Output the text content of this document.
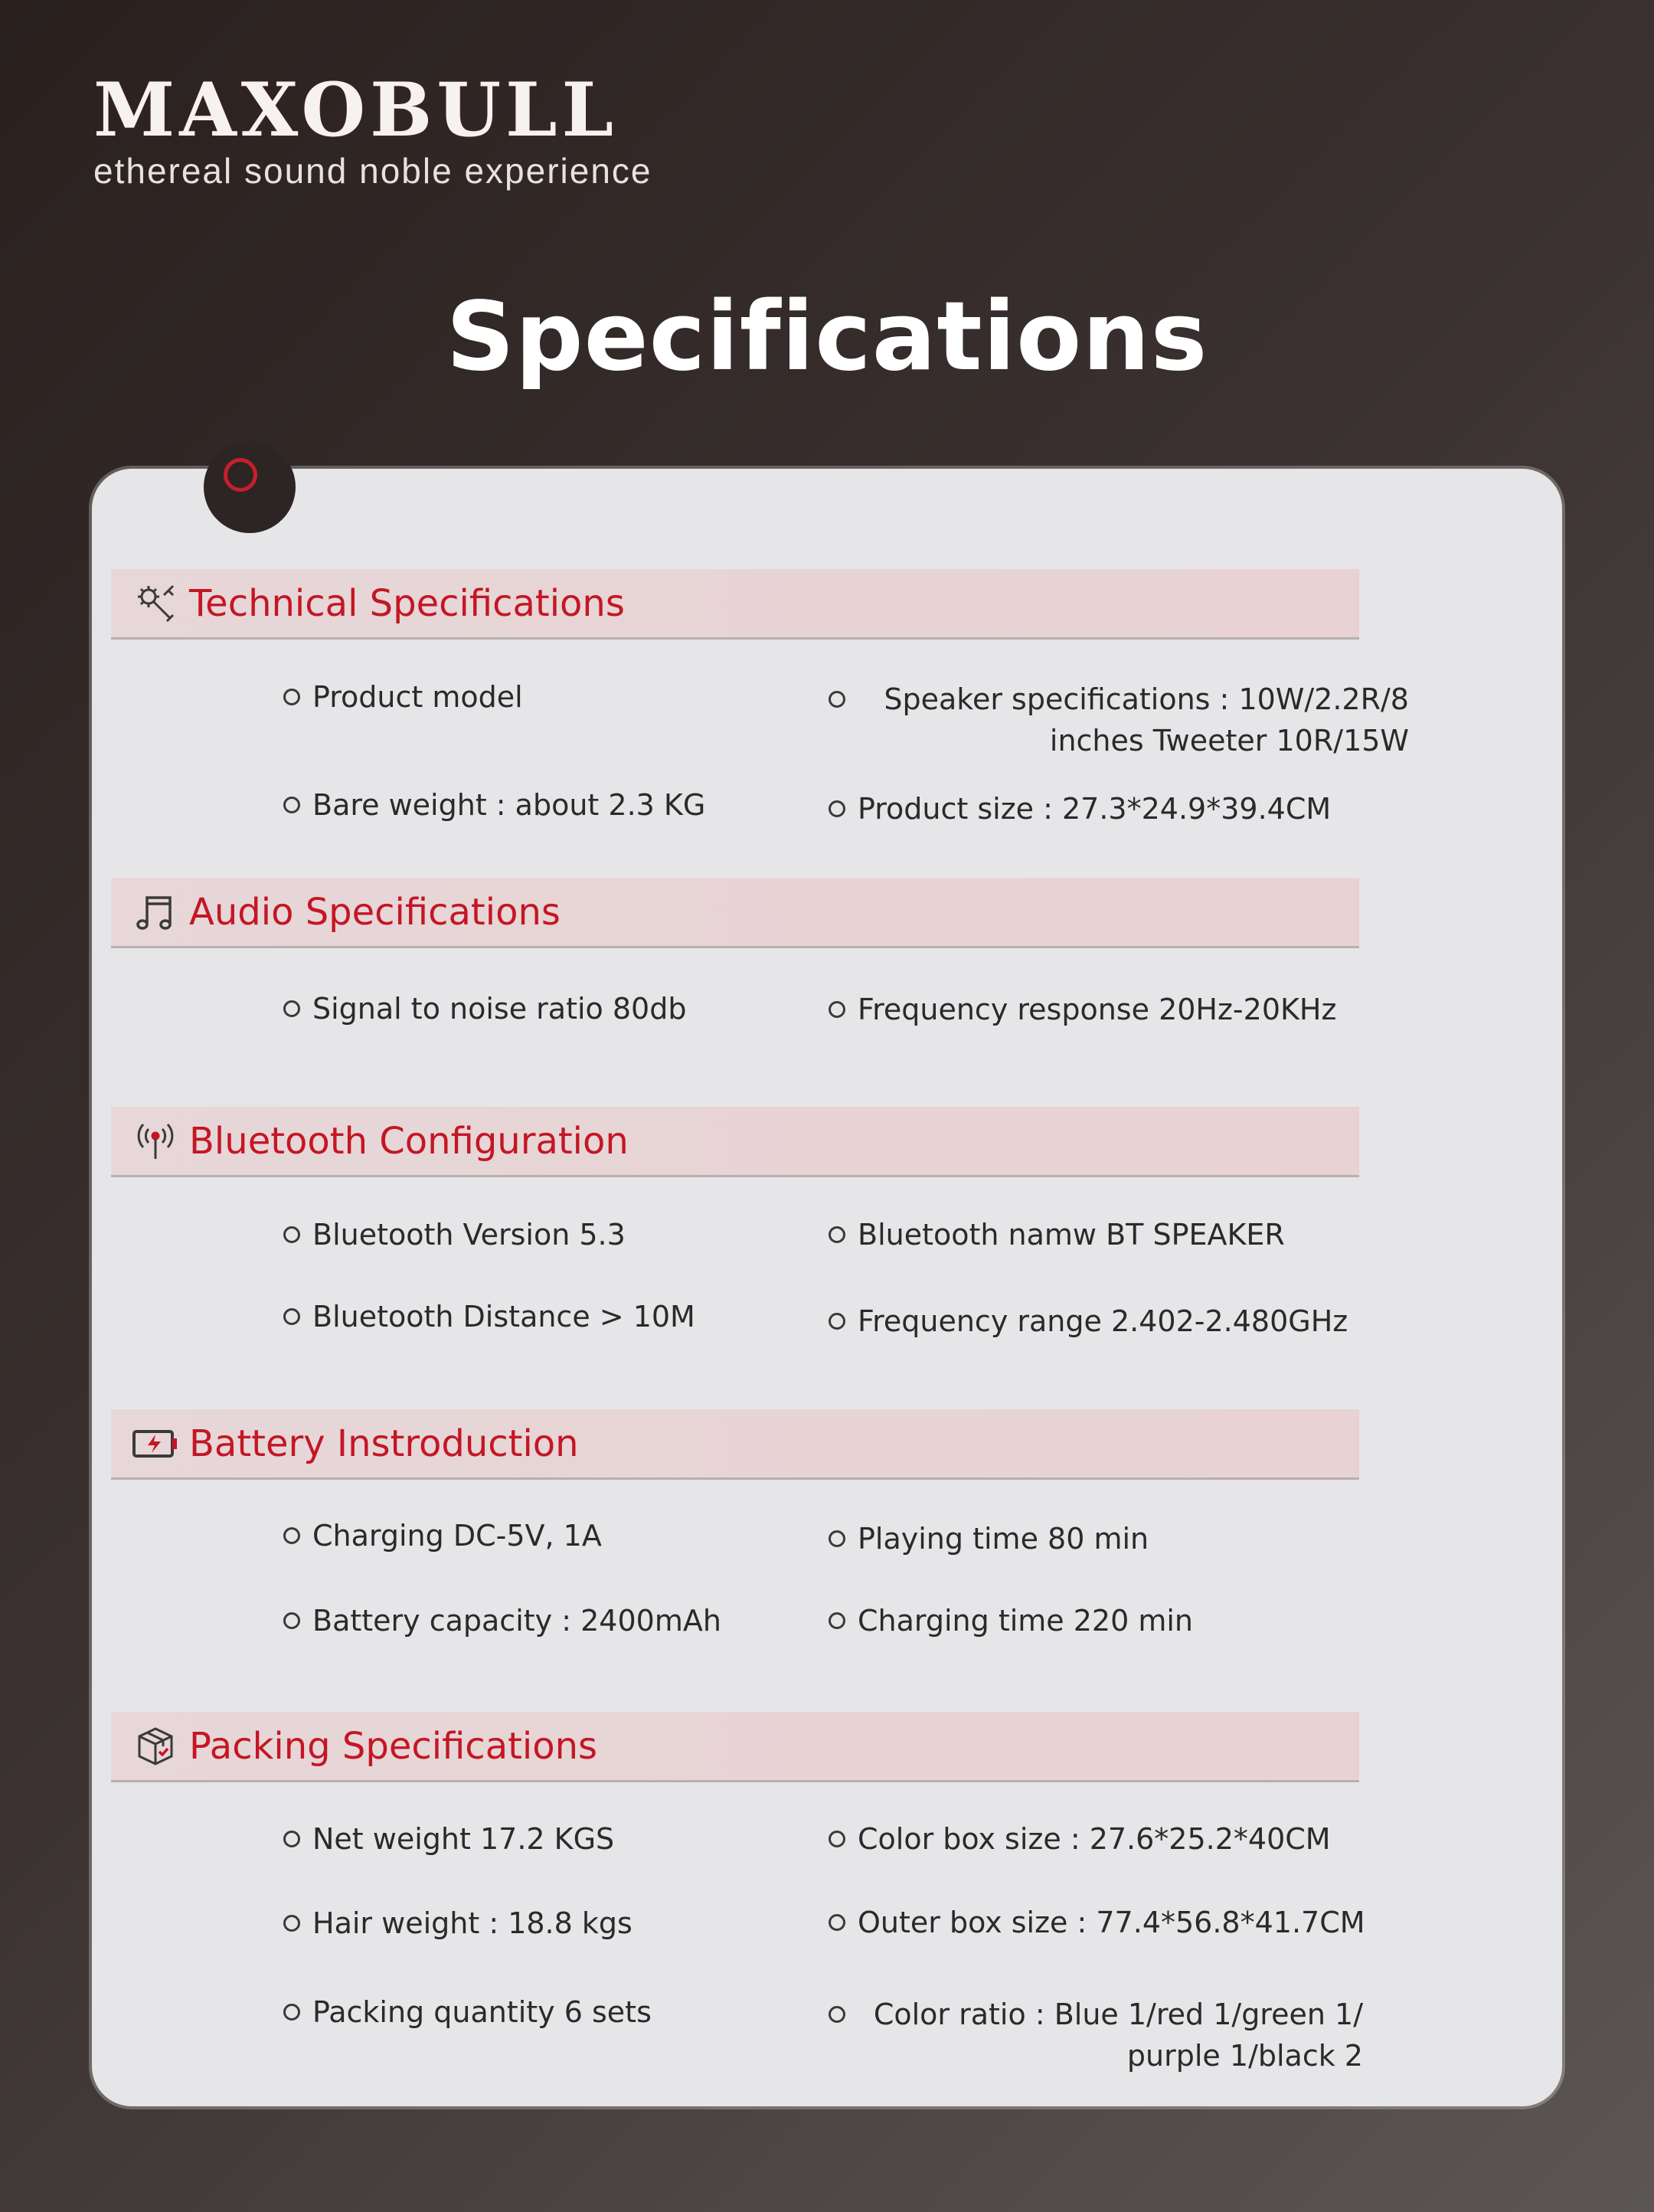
MAXOBULL
ethereal sound noble experience
Specifications
Technical Specifications
Product model	Speaker specifications : 10W/2.2R/8 inches Tweeter 10R/15W
Bare weight : about 2.3 KG	Product size : 27.3*24.9*39.4CM
Audio Specifications
Signal to noise ratio 80db	Frequency response 20Hz-20KHz
Bluetooth Configuration
Bluetooth Version 5.3	Bluetooth namw BT SPEAKER
Bluetooth Distance > 10M	Frequency range 2.402-2.480GHz
Battery Instroduction
Charging DC-5V, 1A	Playing time 80 min
Battery capacity : 2400mAh	Charging time 220 min
Packing Specifications
Net weight 17.2 KGS	Color box size : 27.6*25.2*40CM
Hair weight : 18.8 kgs	Outer box size : 77.4*56.8*41.7CM
Packing quantity 6 sets	Color ratio : Blue 1/red 1/green 1/ purple 1/black 2
